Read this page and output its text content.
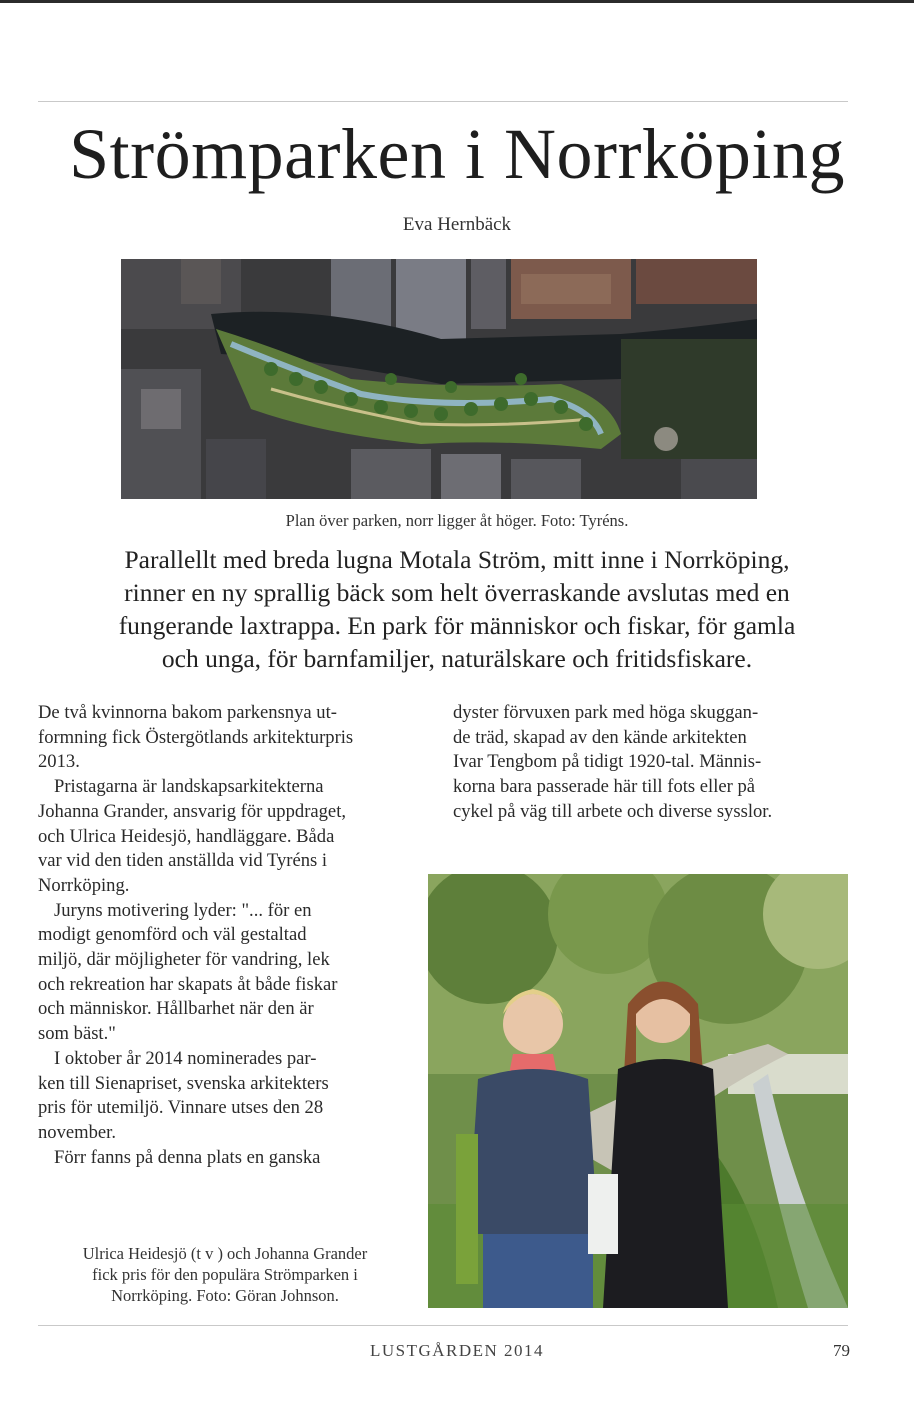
Strömparken i Norrköping
Eva Hernbäck
Plan över parken, norr ligger åt höger. Foto: Tyréns.
Parallellt med breda lugna Motala Ström, mitt inne i Norrköping, rinner en ny sprallig bäck som helt överraskande avslutas med en fungerande laxtrappa. En park för människor och fiskar, för gamla och unga, för barnfamiljer, naturälskare och fritidsfiskare.

De två kvinnorna bakom parkensnya ut-
formning fick Östergötlands arkitekturpris
2013.

Pristagarna är landskapsarkitekterna
Johanna Grander, ansvarig för uppdraget,
och Ulrica Heidesjö, handläggare. Båda
var vid den tiden anställda vid Tyréns i
Norrköping.

Juryns motivering lyder: "... för en
modigt genomförd och väl gestaltad
miljö, där möjligheter för vandring, lek
och rekreation har skapats åt både fiskar
och människor. Hållbarhet när den är
som bäst."

I oktober år 2014 nominerades par-
ken till Sienapriset, svenska arkitekters
pris för utemiljö. Vinnare utses den 28
november.

Förr fanns på denna plats en ganska

dyster förvuxen park med höga skuggan-
de träd, skapad av den kände arkitekten
Ivar Tengbom på tidigt 1920-tal. Männis-
korna bara passerade här till fots eller på
cykel på väg till arbete och diverse sysslor.

Ulrica Heidesjö (t v ) och Johanna Grander
fick pris för den populära Strömparken i
Norrköping. Foto: Göran Johnson.
LUSTGÅRDEN 2014	79
